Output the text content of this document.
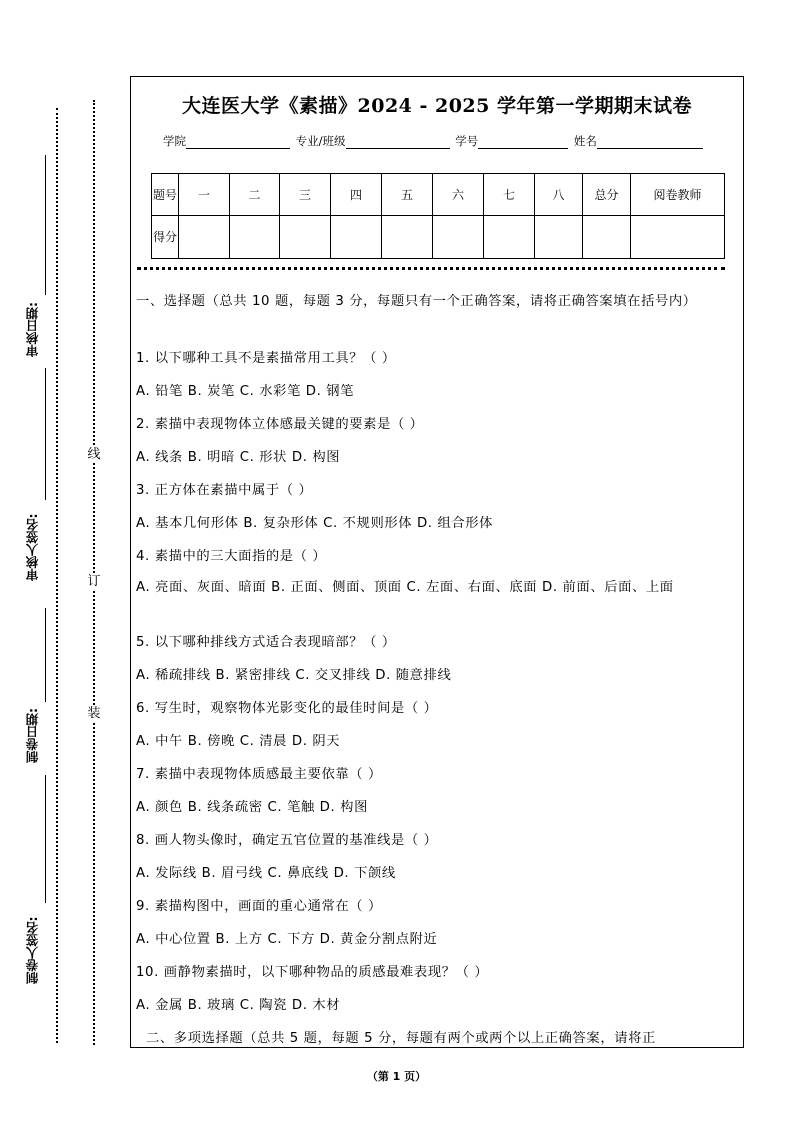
审核日期:
审核人签名:
制卷日期:
制卷人签名:
线
订
装
大连医大学《素描》2024 - 2025 学年第一学期期末试卷
学院	专业/班级	学号	姓名
题号	一	二	三	四	五	六	七	八	总分	阅卷教师
得分										
一、选择题（总共 10 题，每题 3 分，每题只有一个正确答案，请将正确答案填在括号内）
1. 以下哪种工具不是素描常用工具？（ ）
A. 铅笔 B. 炭笔 C. 水彩笔 D. 钢笔
2. 素描中表现物体立体感最关键的要素是（ ）
A. 线条 B. 明暗 C. 形状 D. 构图
3. 正方体在素描中属于（ ）
A. 基本几何形体 B. 复杂形体 C. 不规则形体 D. 组合形体
4. 素描中的三大面指的是（ ）
A. 亮面、灰面、暗面 B. 正面、侧面、顶面 C. 左面、右面、底面 D. 前面、后面、上面
5. 以下哪种排线方式适合表现暗部？（ ）
A. 稀疏排线 B. 紧密排线 C. 交叉排线 D. 随意排线
6. 写生时，观察物体光影变化的最佳时间是（ ）
A. 中午 B. 傍晚 C. 清晨 D. 阴天
7. 素描中表现物体质感最主要依靠（ ）
A. 颜色 B. 线条疏密 C. 笔触 D. 构图
8. 画人物头像时，确定五官位置的基准线是（ ）
A. 发际线 B. 眉弓线 C. 鼻底线 D. 下颌线
9. 素描构图中，画面的重心通常在（ ）
A. 中心位置 B. 上方 C. 下方 D. 黄金分割点附近
10. 画静物素描时，以下哪种物品的质感最难表现？（ ）
A. 金属 B. 玻璃 C. 陶瓷 D. 木材
二、多项选择题（总共 5 题，每题 5 分，每题有两个或两个以上正确答案，请将正
（第 1 页）
